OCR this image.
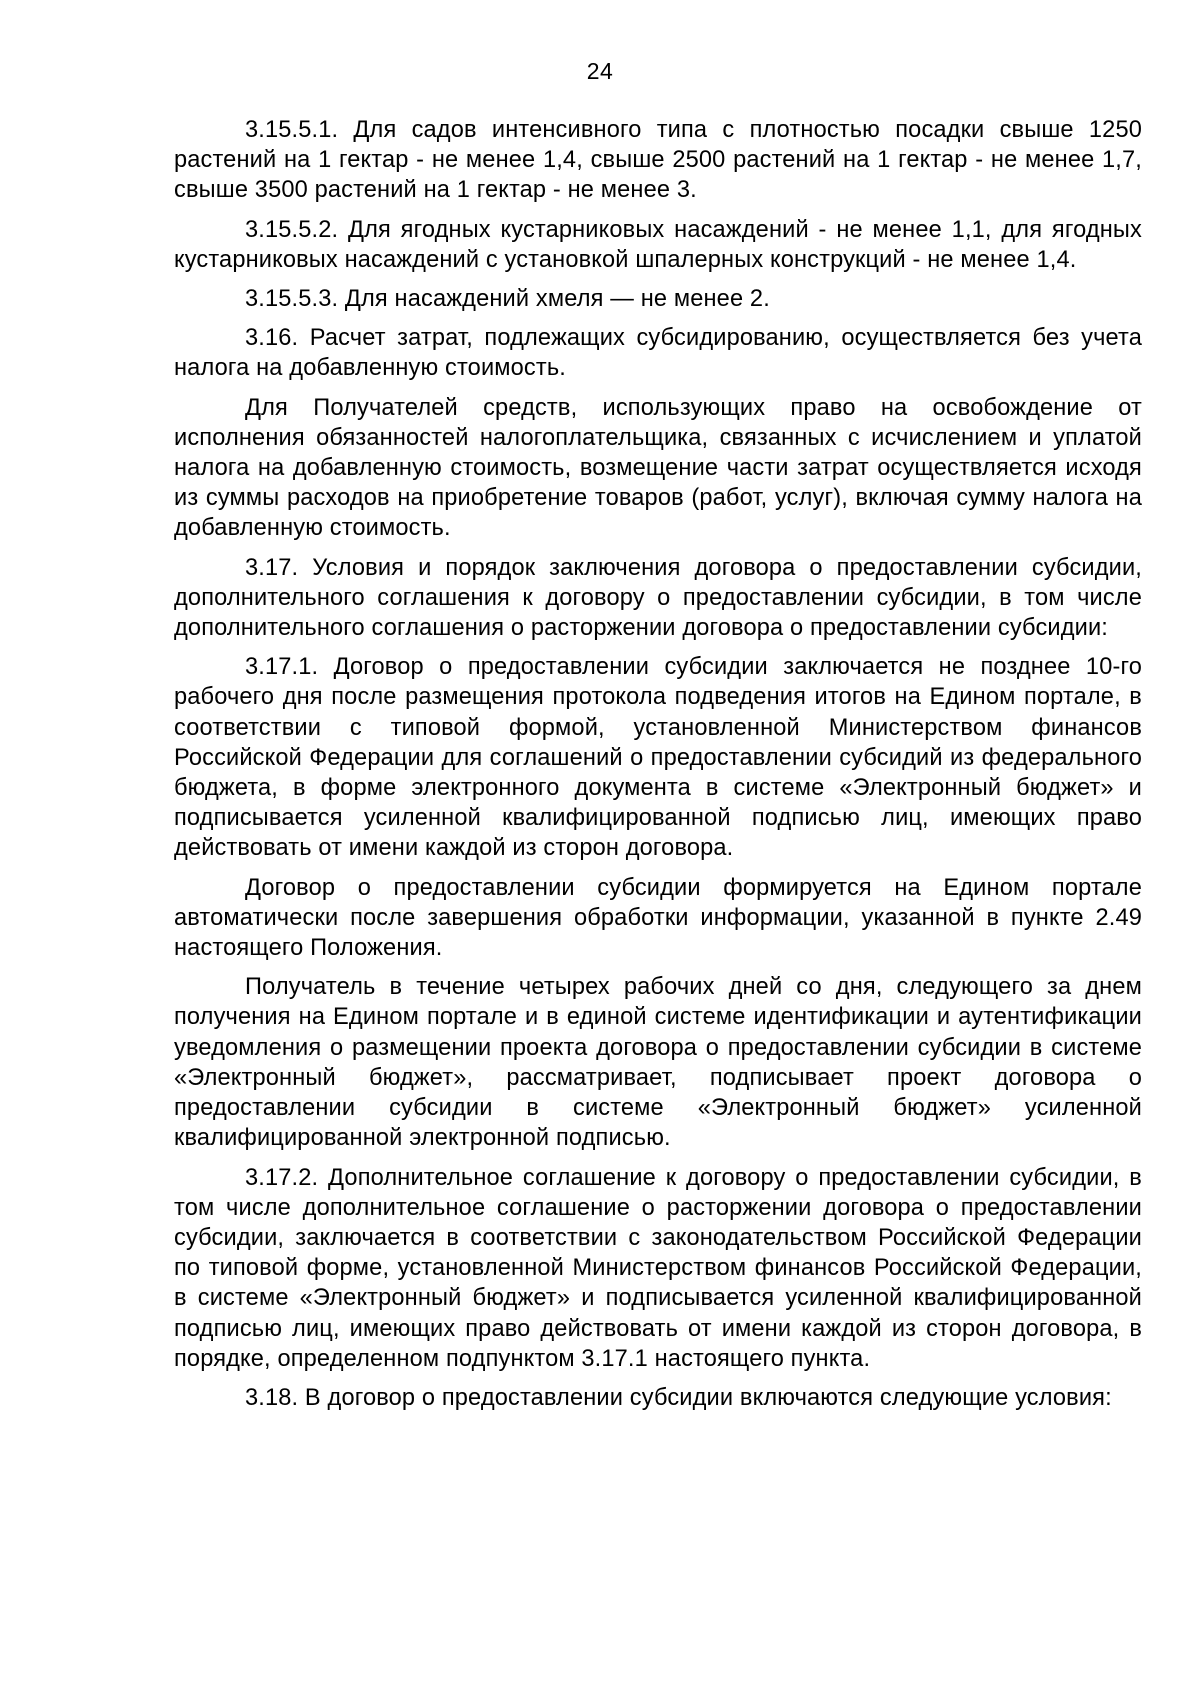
24

3.15.5.1. Для садов интенсивного типа с плотностью посадки свыше 1250 растений на 1 гектар - не менее 1,4, свыше 2500 растений на 1 гектар - не менее 1,7, свыше 3500 растений на 1 гектар - не менее 3.

3.15.5.2. Для ягодных кустарниковых насаждений - не менее 1,1, для ягодных кустарниковых насаждений с установкой шпалерных конструкций - не менее 1,4.

3.15.5.3. Для насаждений хмеля — не менее 2.

3.16. Расчет затрат, подлежащих субсидированию, осуществляется без учета налога на добавленную стоимость.

Для Получателей средств, использующих право на освобождение от исполнения обязанностей налогоплательщика, связанных с исчислением и уплатой налога на добавленную стоимость, возмещение части затрат осуществляется исходя из суммы расходов на приобретение товаров (работ, услуг), включая сумму налога на добавленную стоимость.

3.17. Условия и порядок заключения договора о предоставлении субсидии, дополнительного соглашения к договору о предоставлении субсидии, в том числе дополнительного соглашения о расторжении договора о предоставлении субсидии:

3.17.1. Договор о предоставлении субсидии заключается не позднее 10-го рабочего дня после размещения протокола подведения итогов на Едином портале, в соответствии с типовой формой, установленной Министерством финансов Российской Федерации для соглашений о предоставлении субсидий из федерального бюджета, в форме электронного документа в системе «Электронный бюджет» и подписывается усиленной квалифицированной подписью лиц, имеющих право действовать от имени каждой из сторон договора.

Договор о предоставлении субсидии формируется на Едином портале автоматически после завершения обработки информации, указанной в пункте 2.49 настоящего Положения.

Получатель в течение четырех рабочих дней со дня, следующего за днем получения на Едином портале и в единой системе идентификации и аутентификации уведомления о размещении проекта договора о предоставлении субсидии в системе «Электронный бюджет», рассматривает, подписывает проект договора о предоставлении субсидии в системе «Электронный бюджет» усиленной квалифицированной электронной подписью.

3.17.2. Дополнительное соглашение к договору о предоставлении субсидии, в том числе дополнительное соглашение о расторжении договора о предоставлении субсидии, заключается в соответствии с законодательством Российской Федерации по типовой форме, установленной Министерством финансов Российской Федерации, в системе «Электронный бюджет» и подписывается усиленной квалифицированной подписью лиц, имеющих право действовать от имени каждой из сторон договора, в порядке, определенном подпунктом 3.17.1 настоящего пункта.

3.18. В договор о предоставлении субсидии включаются следующие условия:
